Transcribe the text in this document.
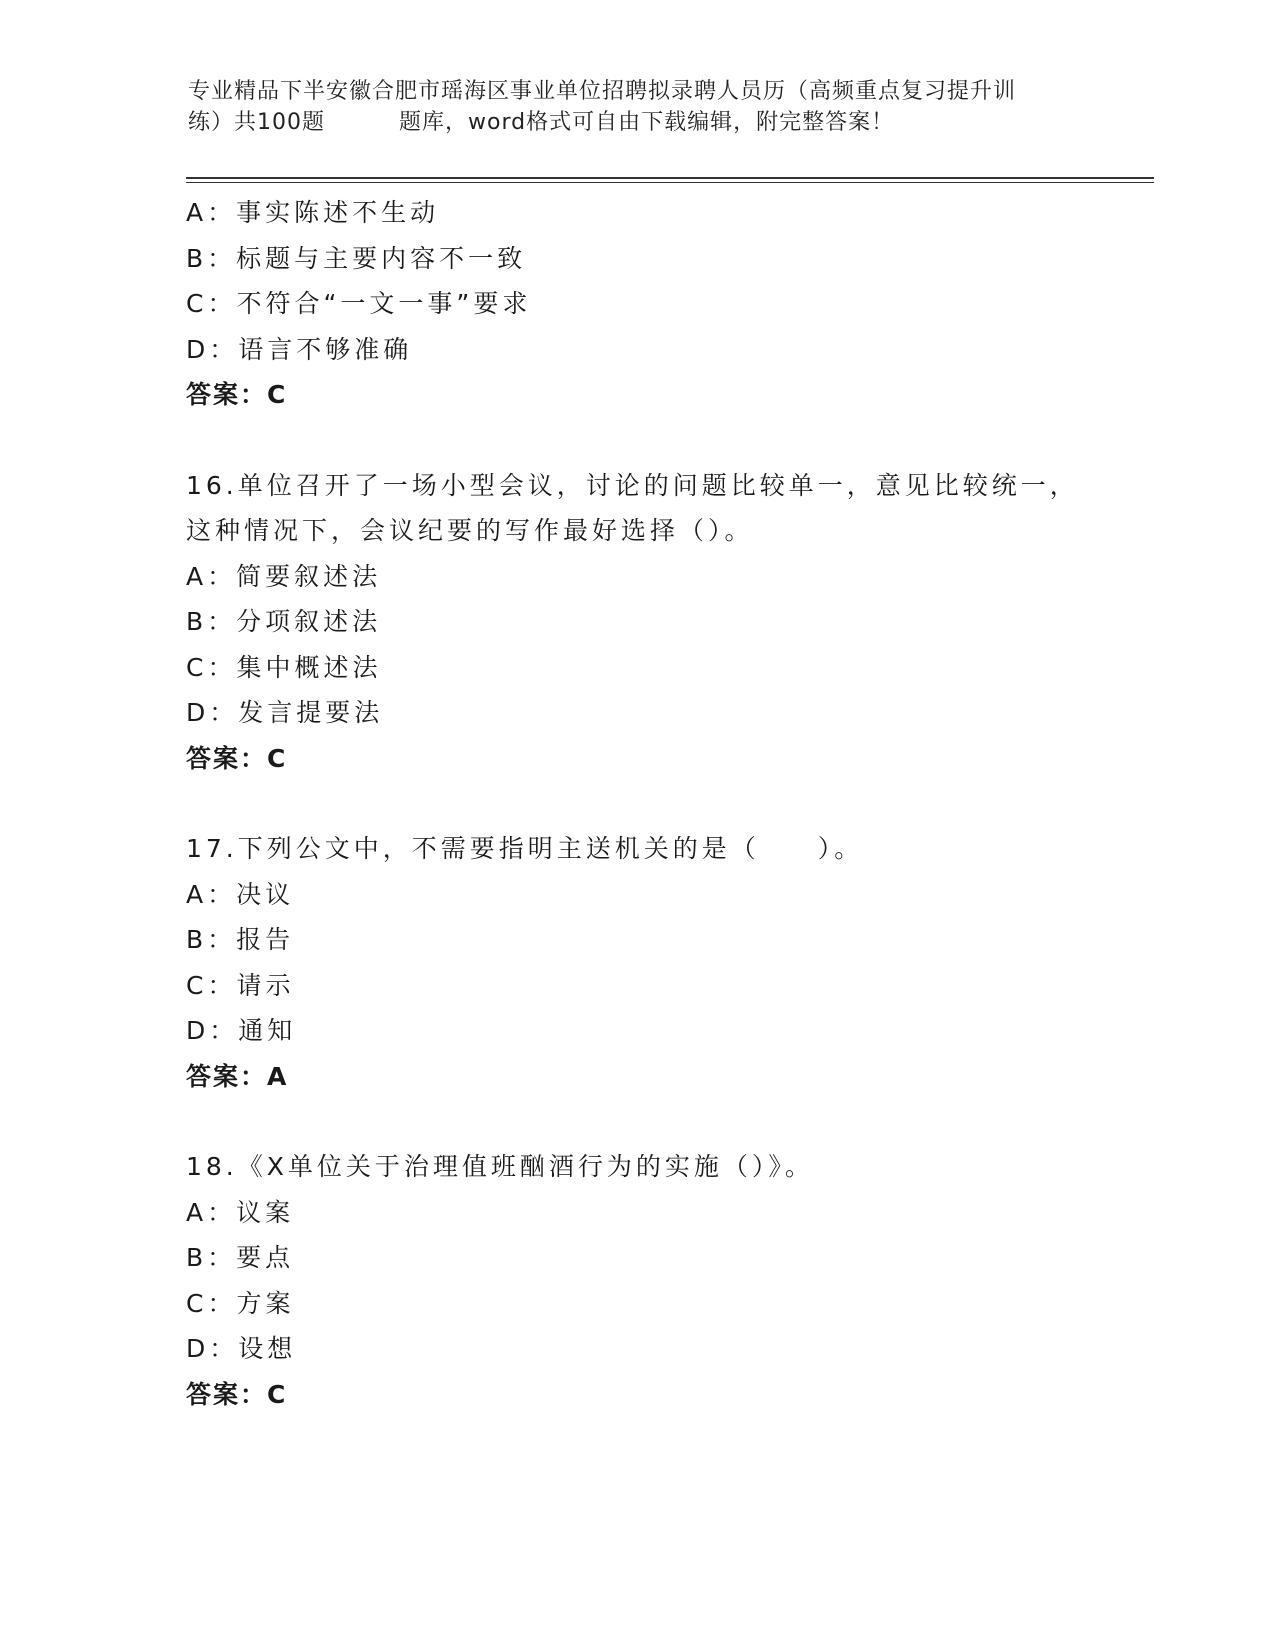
专业精品下半安徽合肥市瑶海区事业单位招聘拟录聘人员历（高频重点复习提升训
练）共100题	题库，word格式可自由下载编辑，附完整答案！
A：事实陈述不生动
B：标题与主要内容不一致
C：不符合“一文一事”要求
D：语言不够准确
答案：C
16.单位召开了一场小型会议，讨论的问题比较单一，意见比较统一，
这种情况下，会议纪要的写作最好选择（）。
A：简要叙述法
B：分项叙述法
C：集中概述法
D：发言提要法
答案：C
17.下列公文中，不需要指明主送机关的是（　　）。
A：决议
B：报告
C：请示
D：通知
答案：A
18.《X单位关于治理值班酗酒行为的实施（）》。
A：议案
B：要点
C：方案
D：设想
答案：C
